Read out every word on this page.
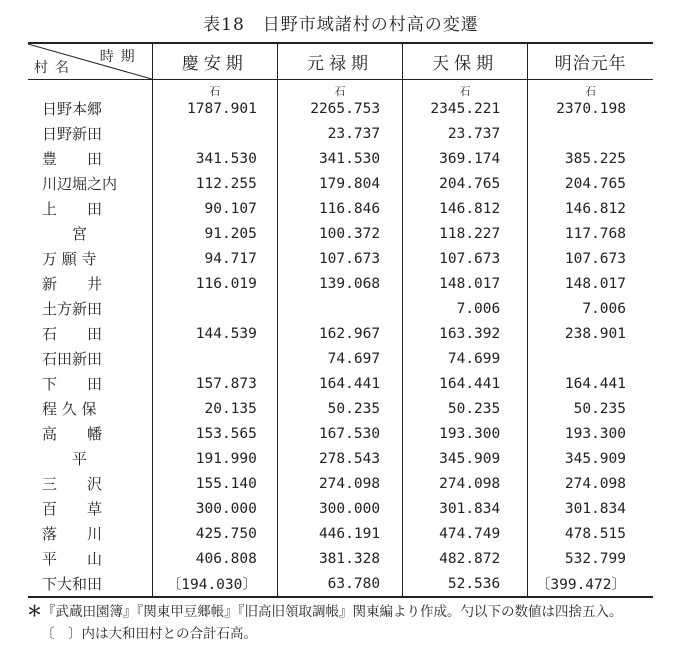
表18　日野市域諸村の村高の変遷
時期
村名	慶安期	元禄期	天保期	明治元年
	石	石	石	石
日野本郷	1787.901	2265.753	2345.221	2370.198
日野新田		23.737	23.737	
豊　　田	341.530	341.530	369.174	385.225
川辺堀之内	112.255	179.804	204.765	204.765
上　　田	90.107	116.846	146.812	146.812
　　宮	91.205	100.372	118.227	117.768
万 願 寺	94.717	107.673	107.673	107.673
新　　井	116.019	139.068	148.017	148.017
土方新田			7.006	7.006
石　　田	144.539	162.967	163.392	238.901
石田新田		74.697	74.699	
下　　田	157.873	164.441	164.441	164.441
程 久 保	20.135	50.235	50.235	50.235
高　　幡	153.565	167.530	193.300	193.300
　　平	191.990	278.543	345.909	345.909
三　　沢	155.140	274.098	274.098	274.098
百　　草	300.000	300.000	301.834	301.834
落　　川	425.750	446.191	474.749	478.515
平　　山	406.808	381.328	482.872	532.799
下大和田	〔194.030〕	63.780	52.536	〔399.472〕
＊『武蔵田園簿』『関東甲豆郷帳』『旧高旧領取調帳』関東編より作成。勺以下の数値は四捨五入。
〔　〕内は大和田村との合計石高。
